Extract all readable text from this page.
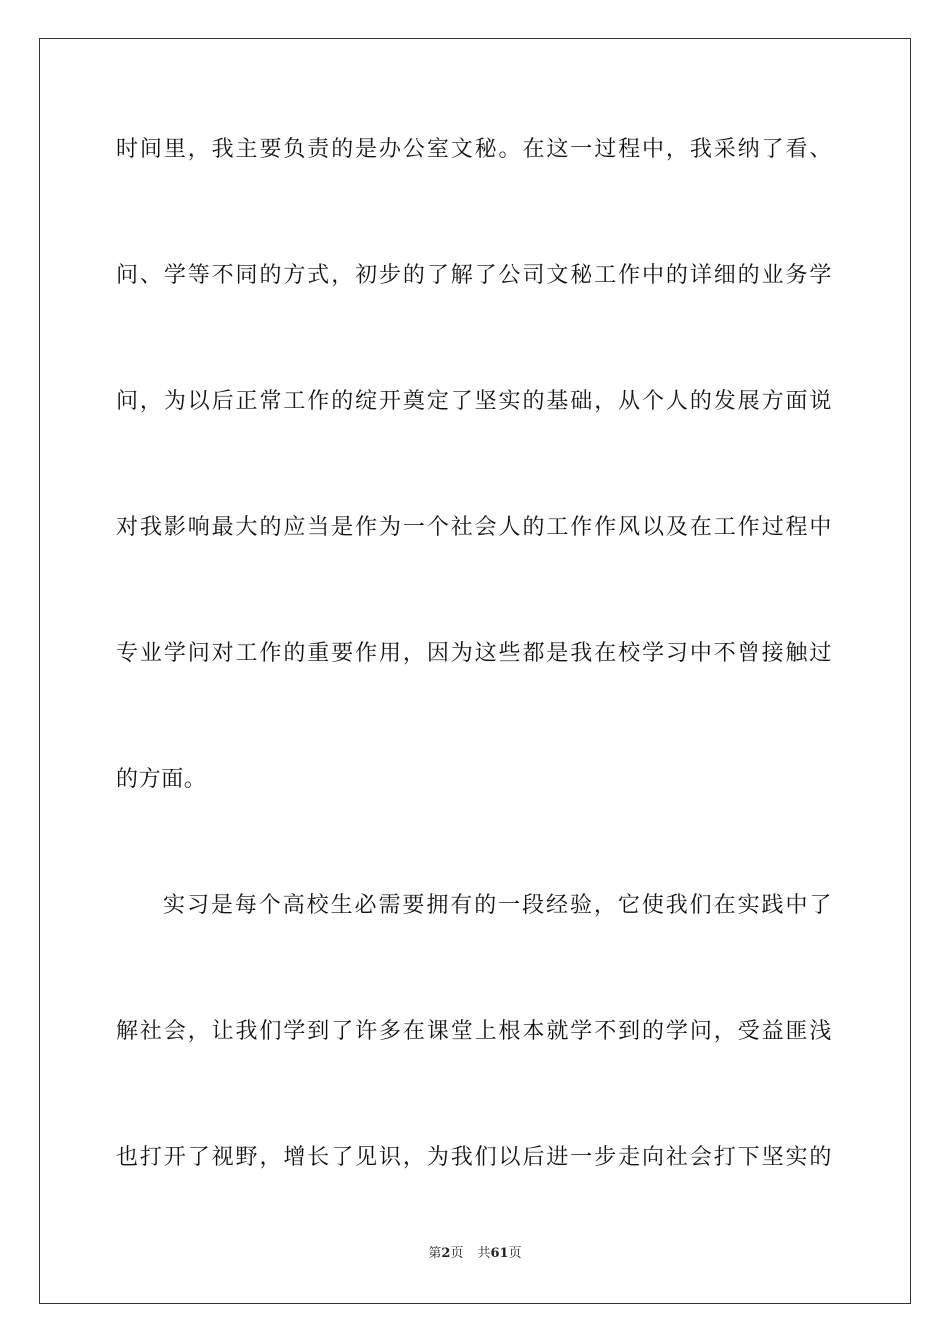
时间里，我主要负责的是办公室文秘。在这一过程中，我采纳了看、
问、学等不同的方式，初步的了解了公司文秘工作中的详细的业务学
问，为以后正常工作的绽开奠定了坚实的基础，从个人的发展方面说
对我影响最大的应当是作为一个社会人的工作作风以及在工作过程中
专业学问对工作的重要作用，因为这些都是我在校学习中不曾接触过
的方面。
实习是每个高校生必需要拥有的一段经验，它使我们在实践中了
解社会，让我们学到了许多在课堂上根本就学不到的学问，受益匪浅
也打开了视野，增长了见识，为我们以后进一步走向社会打下坚实的
第2页 共61页
